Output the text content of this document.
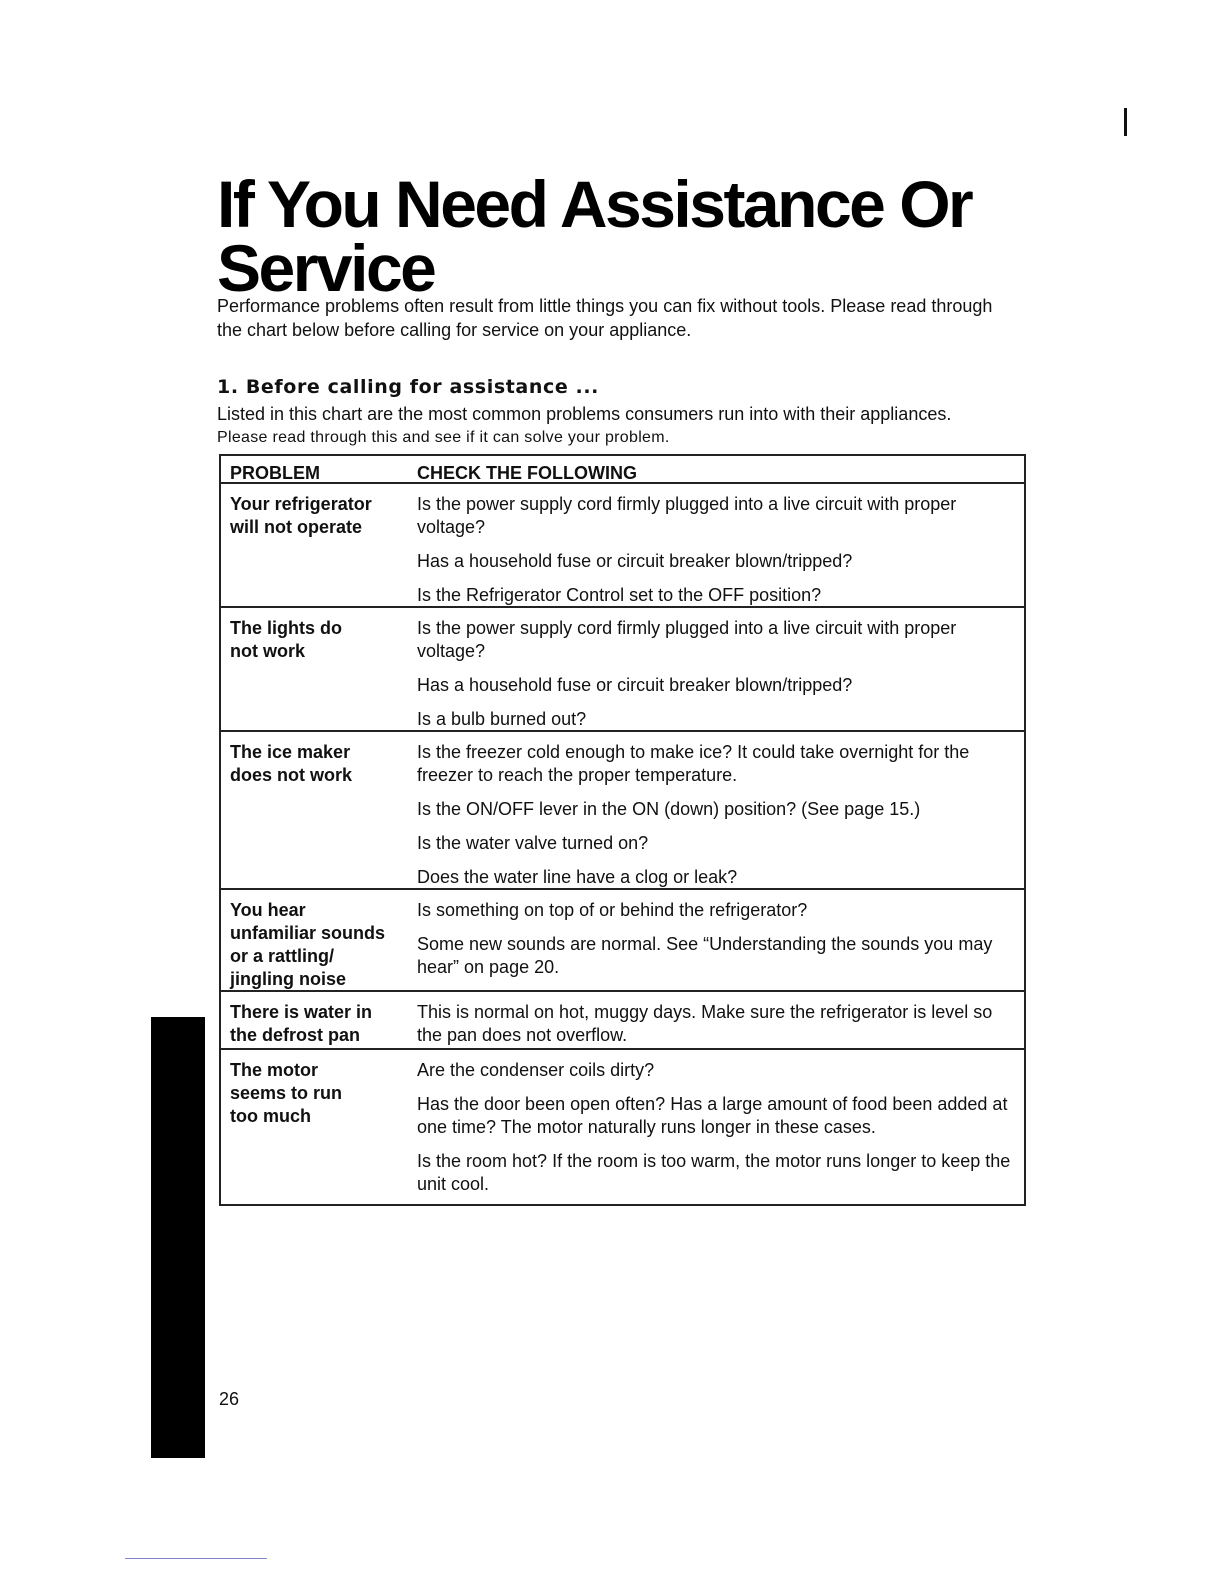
If You Need Assistance Or Service

Performance problems often result from little things you can fix without tools. Please read through the chart below before calling for service on your appliance.

1. Before calling for assistance ...

Listed in this chart are the most common problems consumers run into with their appliances.

Please read through this and see if it can solve your problem.

PROBLEM	CHECK THE FOLLOWING

Your refrigerator will not operate

Is the power supply cord firmly plugged into a live circuit with proper voltage?
Has a household fuse or circuit breaker blown/tripped?
Is the Refrigerator Control set to the OFF position?

The lights do not work

Is the power supply cord firmly plugged into a live circuit with proper voltage?
Has a household fuse or circuit breaker blown/tripped?
Is a bulb burned out?

The ice maker does not work

Is the freezer cold enough to make ice? It could take overnight for the freezer to reach the proper temperature.
Is the ON/OFF lever in the ON (down) position? (See page 15.)
Is the water valve turned on?
Does the water line have a clog or leak?

You hear unfamiliar sounds or a rattling/ jingling noise

Is something on top of or behind the refrigerator?
Some new sounds are normal. See “Understanding the sounds you may hear” on page 20.

There is water in the defrost pan

This is normal on hot, muggy days. Make sure the refrigerator is level so the pan does not overflow.

The motor seems to run too much

Are the condenser coils dirty?
Has the door been open often? Has a large amount of food been added at one time? The motor naturally runs longer in these cases.
Is the room hot? If the room is too warm, the motor runs longer to keep the unit cool.

26
